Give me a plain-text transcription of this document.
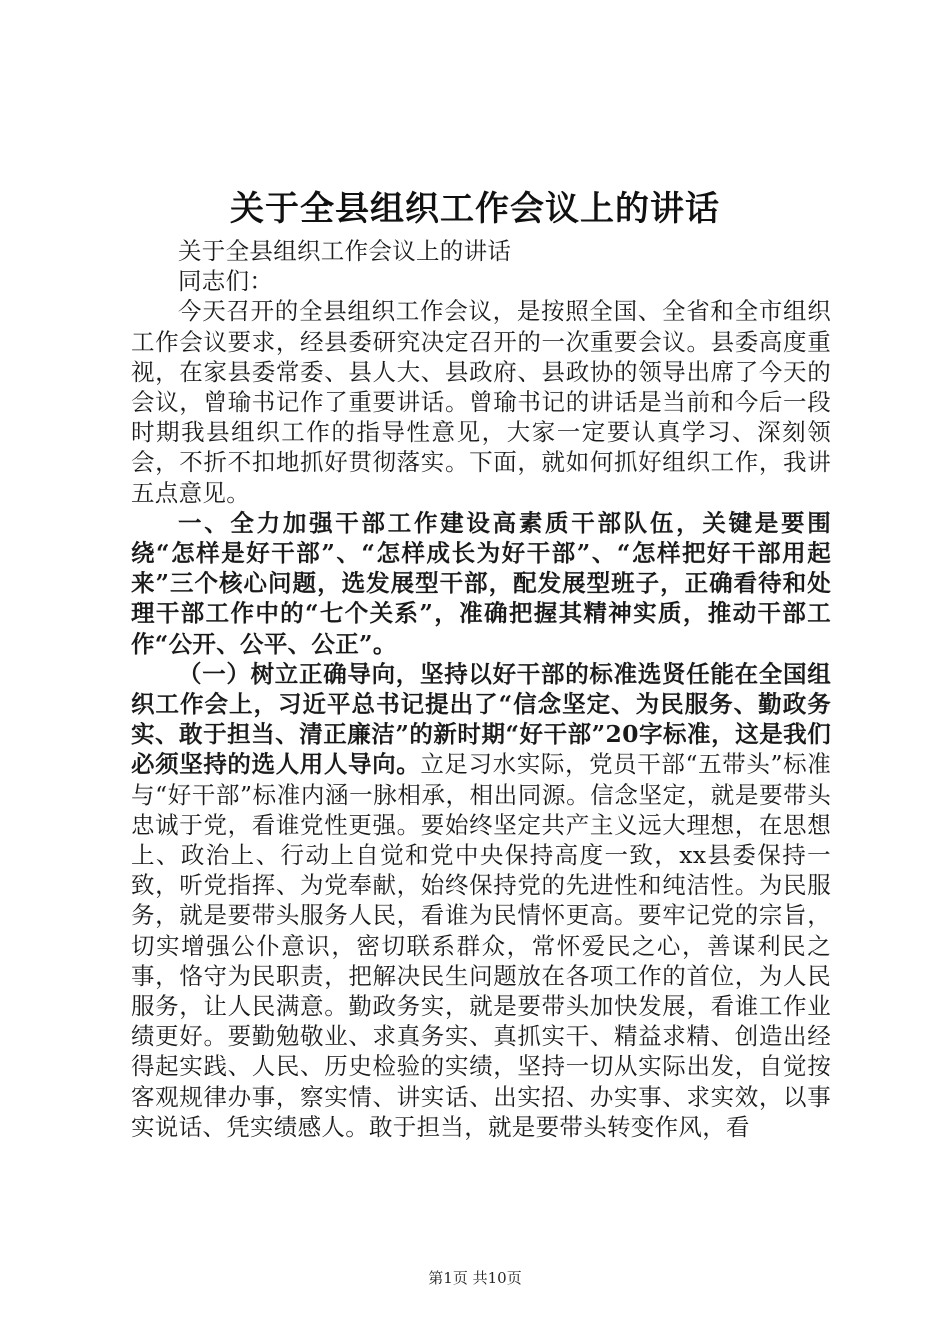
关于全县组织工作会议上的讲话

关于全县组织工作会议上的讲话

同志们：

今天召开的全县组织工作会议，是按照全国、全省和全市组织工作会议要求，经县委研究决定召开的一次重要会议。县委高度重视，在家县委常委、县人大、县政府、县政协的领导出席了今天的会议，曾瑜书记作了重要讲话。曾瑜书记的讲话是当前和今后一段时期我县组织工作的指导性意见，大家一定要认真学习、深刻领会，不折不扣地抓好贯彻落实。下面，就如何抓好组织工作，我讲五点意见。

一、全力加强干部工作建设高素质干部队伍，关键是要围绕“怎样是好干部”、“怎样成长为好干部”、“怎样把好干部用起来”三个核心问题，选发展型干部，配发展型班子，正确看待和处理干部工作中的“七个关系”，准确把握其精神实质，推动干部工作“公开、公平、公正”。

（一）树立正确导向，坚持以好干部的标准选贤任能在全国组织工作会上，习近平总书记提出了“信念坚定、为民服务、勤政务实、敢于担当、清正廉洁”的新时期“好干部”20字标准，这是我们必须坚持的选人用人导向。立足习水实际，党员干部“五带头”标准与“好干部”标准内涵一脉相承，相出同源。信念坚定，就是要带头忠诚于党，看谁党性更强。要始终坚定共产主义远大理想，在思想上、政治上、行动上自觉和党中央保持高度一致，xx县委保持一致，听党指挥、为党奉献，始终保持党的先进性和纯洁性。为民服务，就是要带头服务人民，看谁为民情怀更高。要牢记党的宗旨，切实增强公仆意识，密切联系群众，常怀爱民之心，善谋利民之事，恪守为民职责，把解决民生问题放在各项工作的首位，为人民服务，让人民满意。勤政务实，就是要带头加快发展，看谁工作业绩更好。要勤勉敬业、求真务实、真抓实干、精益求精、创造出经得起实践、人民、历史检验的实绩，坚持一切从实际出发，自觉按客观规律办事，察实情、讲实话、出实招、办实事、求实效，以事实说话、凭实绩感人。敢于担当，就是要带头转变作风，看

第1页 共10页
